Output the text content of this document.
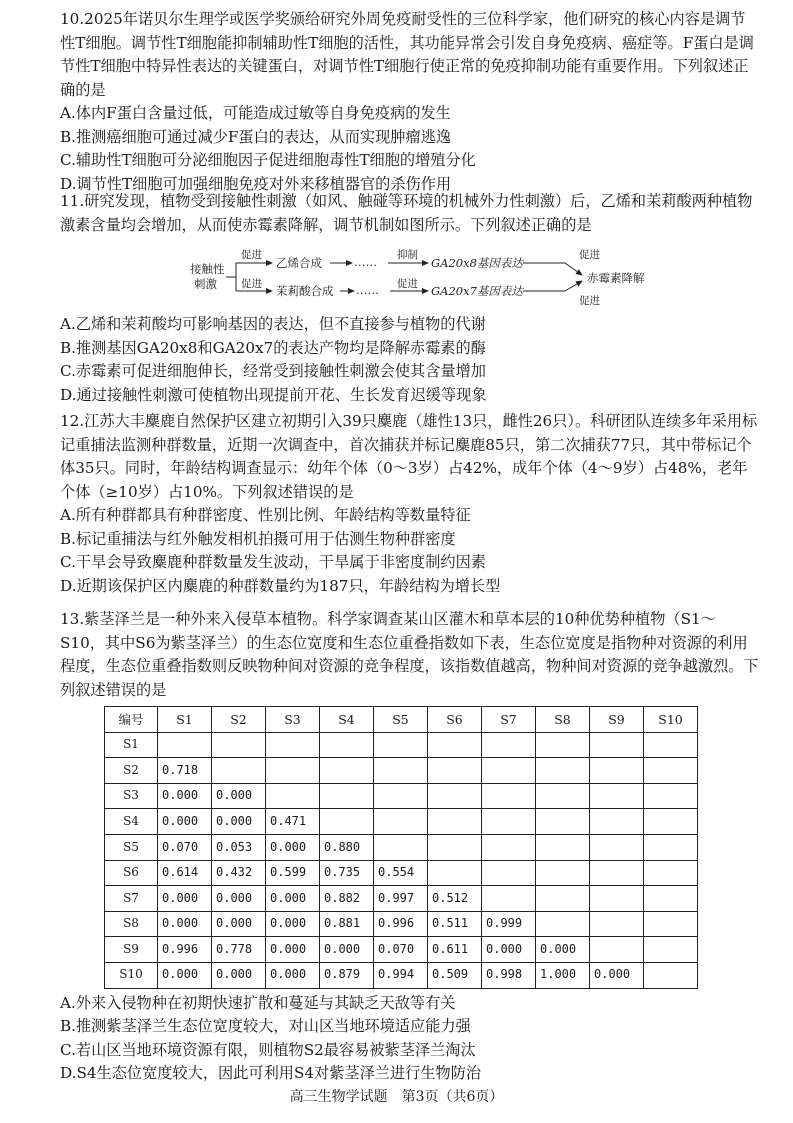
10.2025年诺贝尔生理学或医学奖颁给研究外周免疫耐受性的三位科学家，他们研究的核心内容是调节性T细胞。调节性T细胞能抑制辅助性T细胞的活性，其功能异常会引发自身免疫病、癌症等。F蛋白是调节性T细胞中特异性表达的关键蛋白，对调节性T细胞行使正常的免疫抑制功能有重要作用。下列叙述正确的是

A.体内F蛋白含量过低，可能造成过敏等自身免疫病的发生

B.推测癌细胞可通过减少F蛋白的表达，从而实现肿瘤逃逸

C.辅助性T细胞可分泌细胞因子促进细胞毒性T细胞的增殖分化

D.调节性T细胞可加强细胞免疫对外来移植器官的杀伤作用

11.研究发现，植物受到接触性刺激（如风、触碰等环境的机械外力性刺激）后，乙烯和茉莉酸两种植物激素含量均会增加，从而使赤霉素降解，调节机制如图所示。下列叙述正确的是

接触性
刺激
促进
乙烯合成	…… 抑制
GA20x8基因表达
促进
促进 茉莉酸合成 …… 促进 GA20x7基因表达
促进
赤霉素降解

A.乙烯和茉莉酸均可影响基因的表达，但不直接参与植物的代谢

B.推测基因GA20x8和GA20x7的表达产物均是降解赤霉素的酶

C.赤霉素可促进细胞伸长，经常受到接触性刺激会使其含量增加

D.通过接触性刺激可使植物出现提前开花、生长发育迟缓等现象

12.江苏大丰麋鹿自然保护区建立初期引入39只麋鹿（雄性13只，雌性26只）。科研团队连续多年采用标记重捕法监测种群数量，近期一次调查中，首次捕获并标记麋鹿85只，第二次捕获77只，其中带标记个体35只。同时，年龄结构调查显示：幼年个体（0～3岁）占42%，成年个体（4～9岁）占48%，老年个体（≥10岁）占10%。下列叙述错误的是

A.所有种群都具有种群密度、性别比例、年龄结构等数量特征

B.标记重捕法与红外触发相机拍摄可用于估测生物种群密度

C.干旱会导致麋鹿种群数量发生波动，干旱属于非密度制约因素

D.近期该保护区内麋鹿的种群数量约为187只，年龄结构为增长型

13.紫茎泽兰是一种外来入侵草本植物。科学家调查某山区灌木和草本层的10种优势种植物（S1～S10，其中S6为紫茎泽兰）的生态位宽度和生态位重叠指数如下表，生态位宽度是指物种对资源的利用程度，生态位重叠指数则反映物种间对资源的竞争程度，该指数值越高，物种间对资源的竞争越激烈。下列叙述错误的是

编号	S1	S2	S3	S4	S5	S6	S7	S8	S9	S10
S1										
S2	0.718									
S3	0.000	0.000								
S4	0.000	0.000	0.471							
S5	0.070	0.053	0.000	0.880						
S6	0.614	0.432	0.599	0.735	0.554					
S7	0.000	0.000	0.000	0.882	0.997	0.512				
S8	0.000	0.000	0.000	0.881	0.996	0.511	0.999			
S9	0.996	0.778	0.000	0.000	0.070	0.611	0.000	0.000		
S10	0.000	0.000	0.000	0.879	0.994	0.509	0.998	1.000	0.000	

A.外来入侵物种在初期快速扩散和蔓延与其缺乏天敌等有关

B.推测紫茎泽兰生态位宽度较大，对山区当地环境适应能力强

C.若山区当地环境资源有限，则植物S2最容易被紫茎泽兰淘汰

D.S4生态位宽度较大，因此可利用S4对紫茎泽兰进行生物防治

高三生物学试题　第3页（共6页）
